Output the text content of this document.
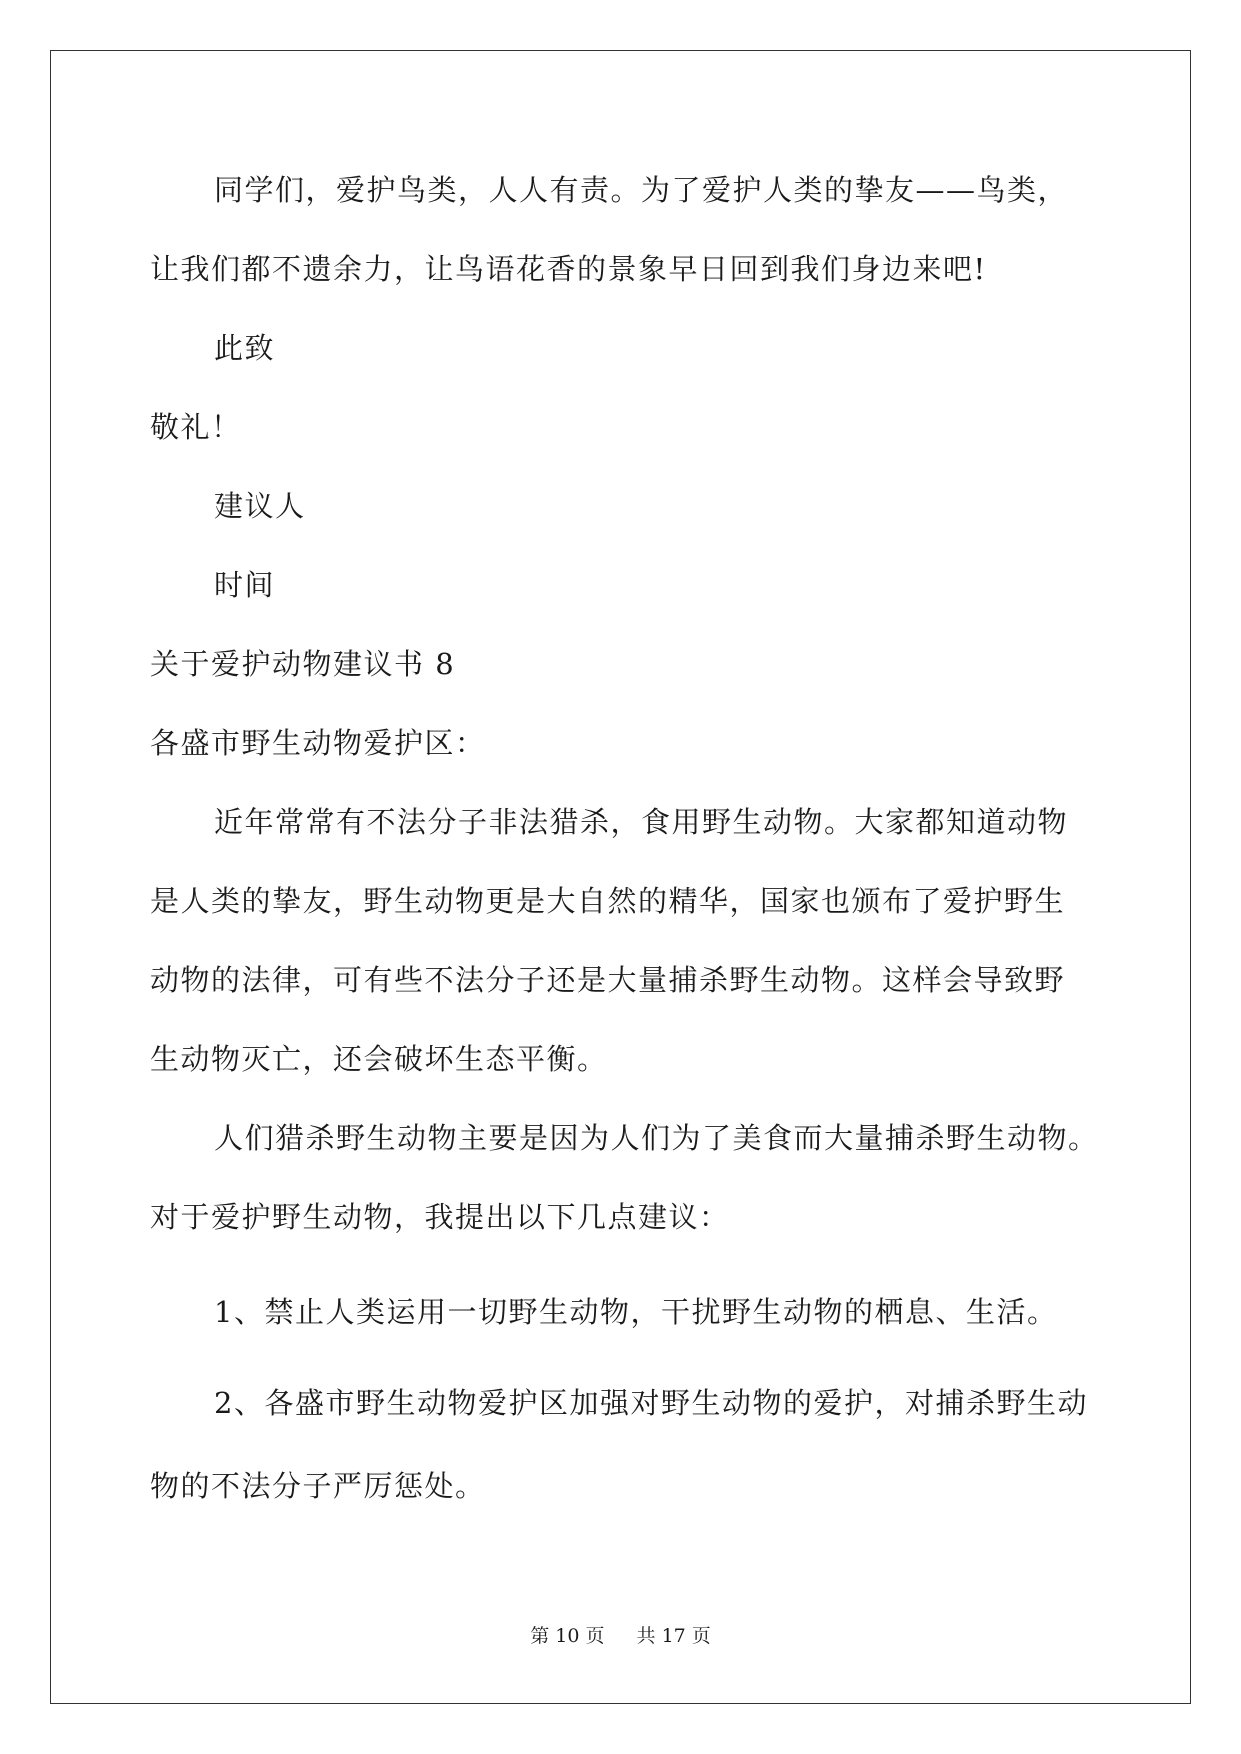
同学们，爱护鸟类，人人有责。为了爱护人类的挚友——鸟类，
让我们都不遗余力，让鸟语花香的景象早日回到我们身边来吧!
此致
敬礼！
建议人
时间
关于爱护动物建议书 8
各盛市野生动物爱护区：
近年常常有不法分子非法猎杀，食用野生动物。大家都知道动物
是人类的挚友，野生动物更是大自然的精华，国家也颁布了爱护野生
动物的法律，可有些不法分子还是大量捕杀野生动物。这样会导致野
生动物灭亡，还会破坏生态平衡。
人们猎杀野生动物主要是因为人们为了美食而大量捕杀野生动物。
对于爱护野生动物，我提出以下几点建议：
1、禁止人类运用一切野生动物，干扰野生动物的栖息、生活。
2、各盛市野生动物爱护区加强对野生动物的爱护，对捕杀野生动
物的不法分子严厉惩处。
第 10 页 共 17 页
